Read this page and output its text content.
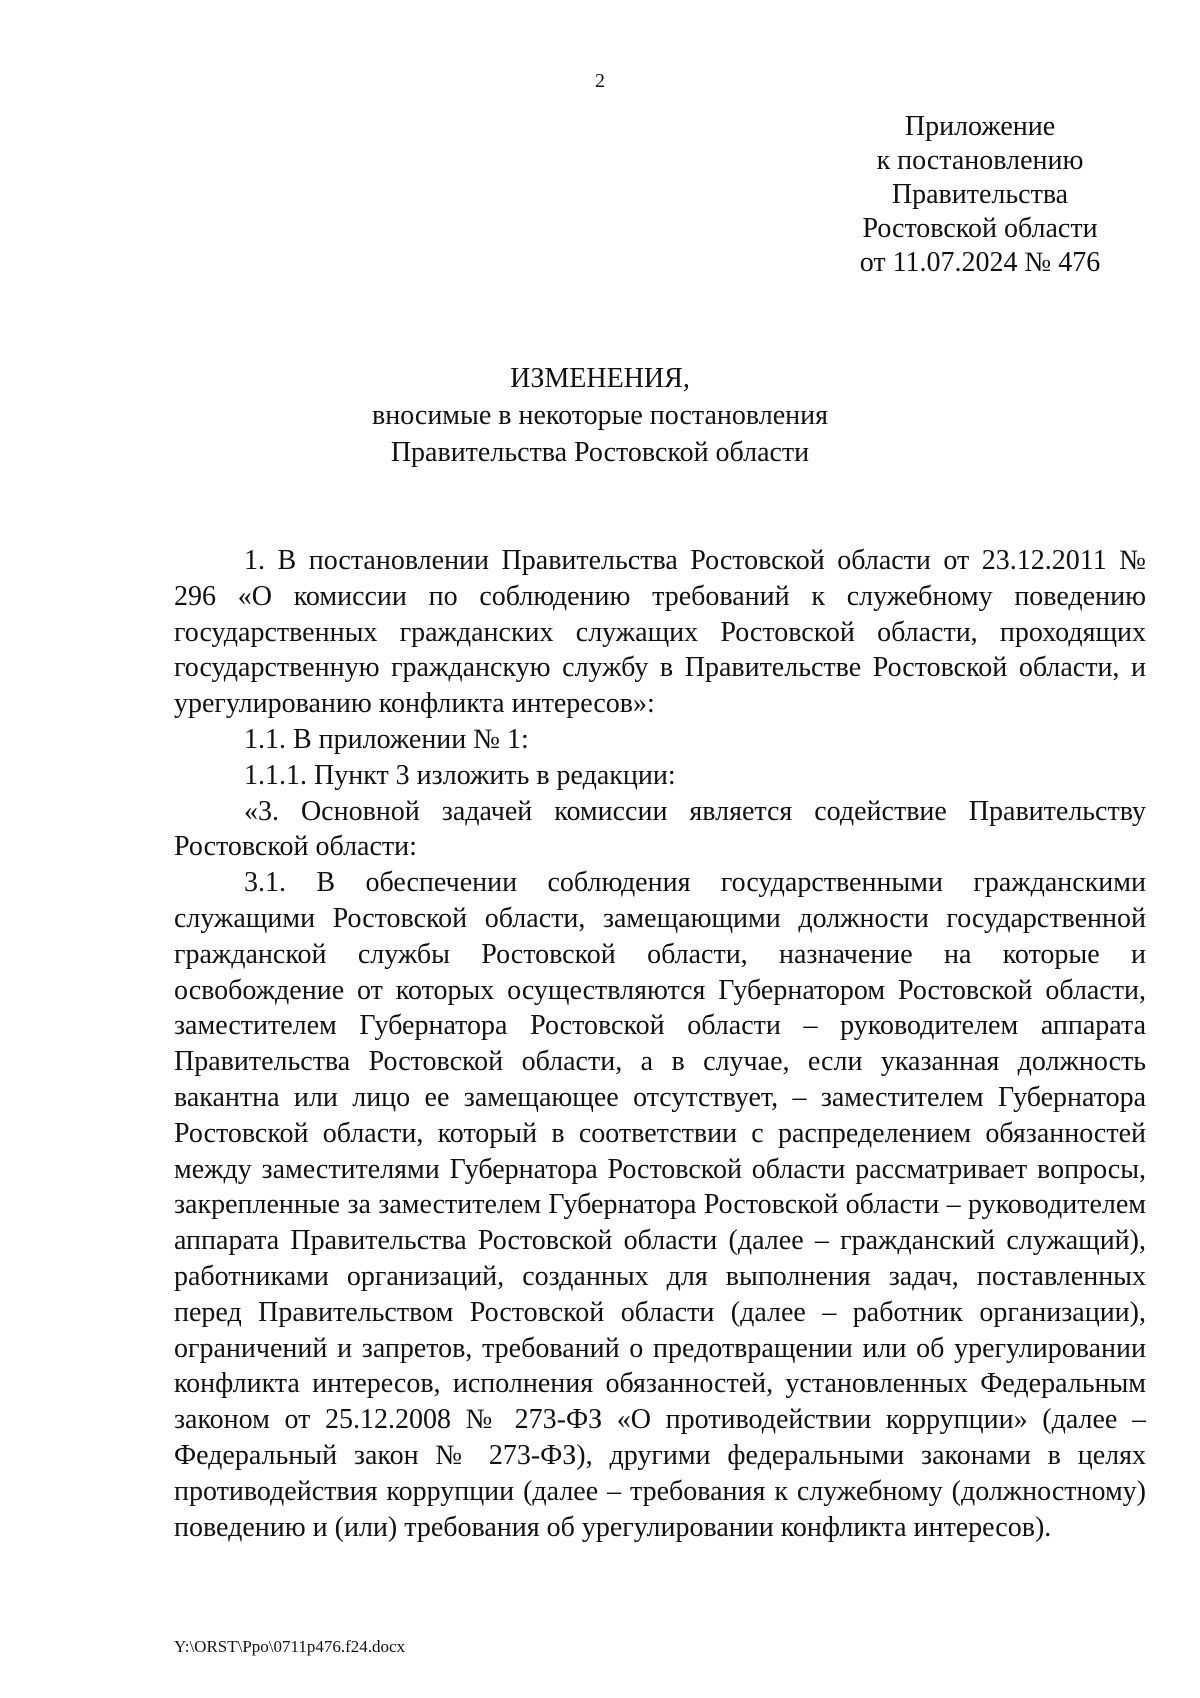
2
Приложение
к постановлению
Правительства
Ростовской области
от 11.07.2024 № 476
ИЗМЕНЕНИЯ,
вносимые в некоторые постановления
Правительства Ростовской области

1. В постановлении Правительства Ростовской области от 23.12.2011 № 296 «О комиссии по соблюдению требований к служебному поведению государственных гражданских служащих Ростовской области, проходящих государственную гражданскую службу в Правительстве Ростовской области, и урегулированию конфликта интересов»:

1.1. В приложении № 1:

1.1.1. Пункт 3 изложить в редакции:

«3. Основной задачей комиссии является содействие Правительству Ростовской области:

3.1. В обеспечении соблюдения государственными гражданскими служащими Ростовской области, замещающими должности государственной гражданской службы Ростовской области, назначение на которые и освобождение от которых осуществляются Губернатором Ростовской области, заместителем Губернатора Ростовской области – руководителем аппарата Правительства Ростовской области, а в случае, если указанная должность вакантна или лицо ее замещающее отсутствует, – заместителем Губернатора Ростовской области, который в соответствии с распределением обязанностей между заместителями Губернатора Ростовской области рассматривает вопросы, закрепленные за заместителем Губернатора Ростовской области – руководителем аппарата Правительства Ростовской области (далее – гражданский служащий), работниками организаций, созданных для выполнения задач, поставленных перед Правительством Ростовской области (далее – работник организации), ограничений и запретов, требований о предотвращении или об урегулировании конфликта интересов, исполнения обязанностей, установленных Федеральным законом от 25.12.2008 № 273-ФЗ «О противодействии коррупции» (далее – Федеральный закон № 273-ФЗ), другими федеральными законами в целях противодействия коррупции (далее – требования к служебному (должностному) поведению и (или) требования об урегулировании конфликта интересов).

Y:\ORST\Ppo\0711p476.f24.docx
